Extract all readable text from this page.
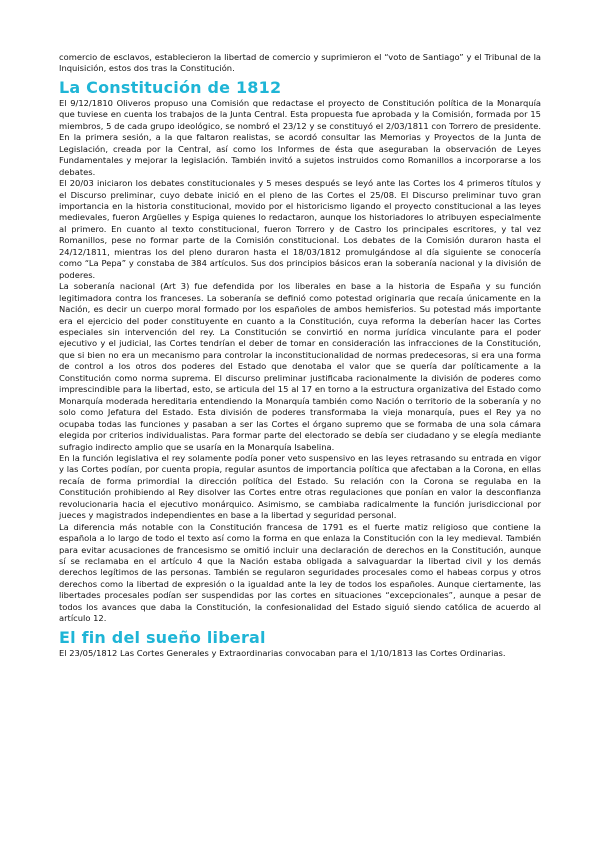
comercio de esclavos, establecieron la libertad de comercio y suprimieron el “voto de Santiago” y el Tribunal de la Inquisición, estos dos tras la Constitución.

La Constitución de 1812

El 9/12/1810 Oliveros propuso una Comisión que redactase el proyecto de Constitución política de la Monarquía que tuviese en cuenta los trabajos de la Junta Central. Esta propuesta fue aprobada y la Comisión, formada por 15 miembros, 5 de cada grupo ideológico, se nombró el 23/12 y se constituyó el 2/03/1811 con Torrero de presidente. En la primera sesión, a la que faltaron realistas, se acordó consultar las Memorias y Proyectos de la Junta de Legislación, creada por la Central, así como los Informes de ésta que aseguraban la observación de Leyes Fundamentales y mejorar la legislación. También invitó a sujetos instruidos como Romanillos a incorporarse a los debates.

El 20/03 iniciaron los debates constitucionales y 5 meses después se leyó ante las Cortes los 4 primeros títulos y el Discurso preliminar, cuyo debate inició en el pleno de las Cortes el 25/08. El Discurso preliminar tuvo gran importancia en la historia constitucional, movido por el historicismo ligando el proyecto constitucional a las leyes medievales, fueron Argüelles y Espiga quienes lo redactaron, aunque los historiadores lo atribuyen especialmente al primero. En cuanto al texto constitucional, fueron Torrero y de Castro los principales escritores, y tal vez Romanillos, pese no formar parte de la Comisión constitucional. Los debates de la Comisión duraron hasta el 24/12/1811, mientras los del pleno duraron hasta el 18/03/1812 promulgándose al día siguiente se conocería como “La Pepa” y constaba de 384 artículos. Sus dos principios básicos eran la soberanía nacional y la división de poderes.

La soberanía nacional (Art 3) fue defendida por los liberales en base a la historia de España y su función legitimadora contra los franceses. La soberanía se definió como potestad originaria que recaía únicamente en la Nación, es decir un cuerpo moral formado por los españoles de ambos hemisferios. Su potestad más importante era el ejercicio del poder constituyente en cuanto a la Constitución, cuya reforma la deberían hacer las Cortes especiales sin intervención del rey. La Constitución se convirtió en norma jurídica vinculante para el poder ejecutivo y el judicial, las Cortes tendrían el deber de tomar en consideración las infracciones de la Constitución, que si bien no era un mecanismo para controlar la inconstitucionalidad de normas predecesoras, si era una forma de control a los otros dos poderes del Estado que denotaba el valor que se quería dar políticamente a la Constitución como norma suprema. El discurso preliminar justificaba racionalmente la división de poderes como imprescindible para la libertad, esto, se articula del 15 al 17 en torno a la estructura organizativa del Estado como Monarquía moderada hereditaria entendiendo la Monarquía también como Nación o territorio de la soberanía y no solo como Jefatura del Estado. Esta división de poderes transformaba la vieja monarquía, pues el Rey ya no ocupaba todas las funciones y pasaban a ser las Cortes el órgano supremo que se formaba de una sola cámara elegida por criterios individualistas. Para formar parte del electorado se debía ser ciudadano y se elegía mediante sufragio indirecto amplio que se usaría en la Monarquía Isabelina.

En la función legislativa el rey solamente podía poner veto suspensivo en las leyes retrasando su entrada en vigor y las Cortes podían, por cuenta propia, regular asuntos de importancia política que afectaban a la Corona, en ellas recaía de forma primordial la dirección política del Estado. Su relación con la Corona se regulaba en la Constitución prohibiendo al Rey disolver las Cortes entre otras regulaciones que ponían en valor la desconfianza revolucionaria hacia el ejecutivo monárquico. Asimismo, se cambiaba radicalmente la función jurisdiccional por jueces y magistrados independientes en base a la libertad y seguridad personal.

La diferencia más notable con la Constitución francesa de 1791 es el fuerte matiz religioso que contiene la española a lo largo de todo el texto así como la forma en que enlaza la Constitución con la ley medieval. También para evitar acusaciones de francesismo se omitió incluir una declaración de derechos en la Constitución, aunque sí se reclamaba en el artículo 4 que la Nación estaba obligada a salvaguardar la libertad civil y los demás derechos legítimos de las personas. También se regularon seguridades procesales como el habeas corpus y otros derechos como la libertad de expresión o la igualdad ante la ley de todos los españoles. Aunque ciertamente, las libertades procesales podían ser suspendidas por las cortes en situaciones “excepcionales”, aunque a pesar de todos los avances que daba la Constitución, la confesionalidad del Estado siguió siendo católica de acuerdo al artículo 12.

El fin del sueño liberal

El 23/05/1812 Las Cortes Generales y Extraordinarias convocaban para el 1/10/1813 las Cortes Ordinarias.
